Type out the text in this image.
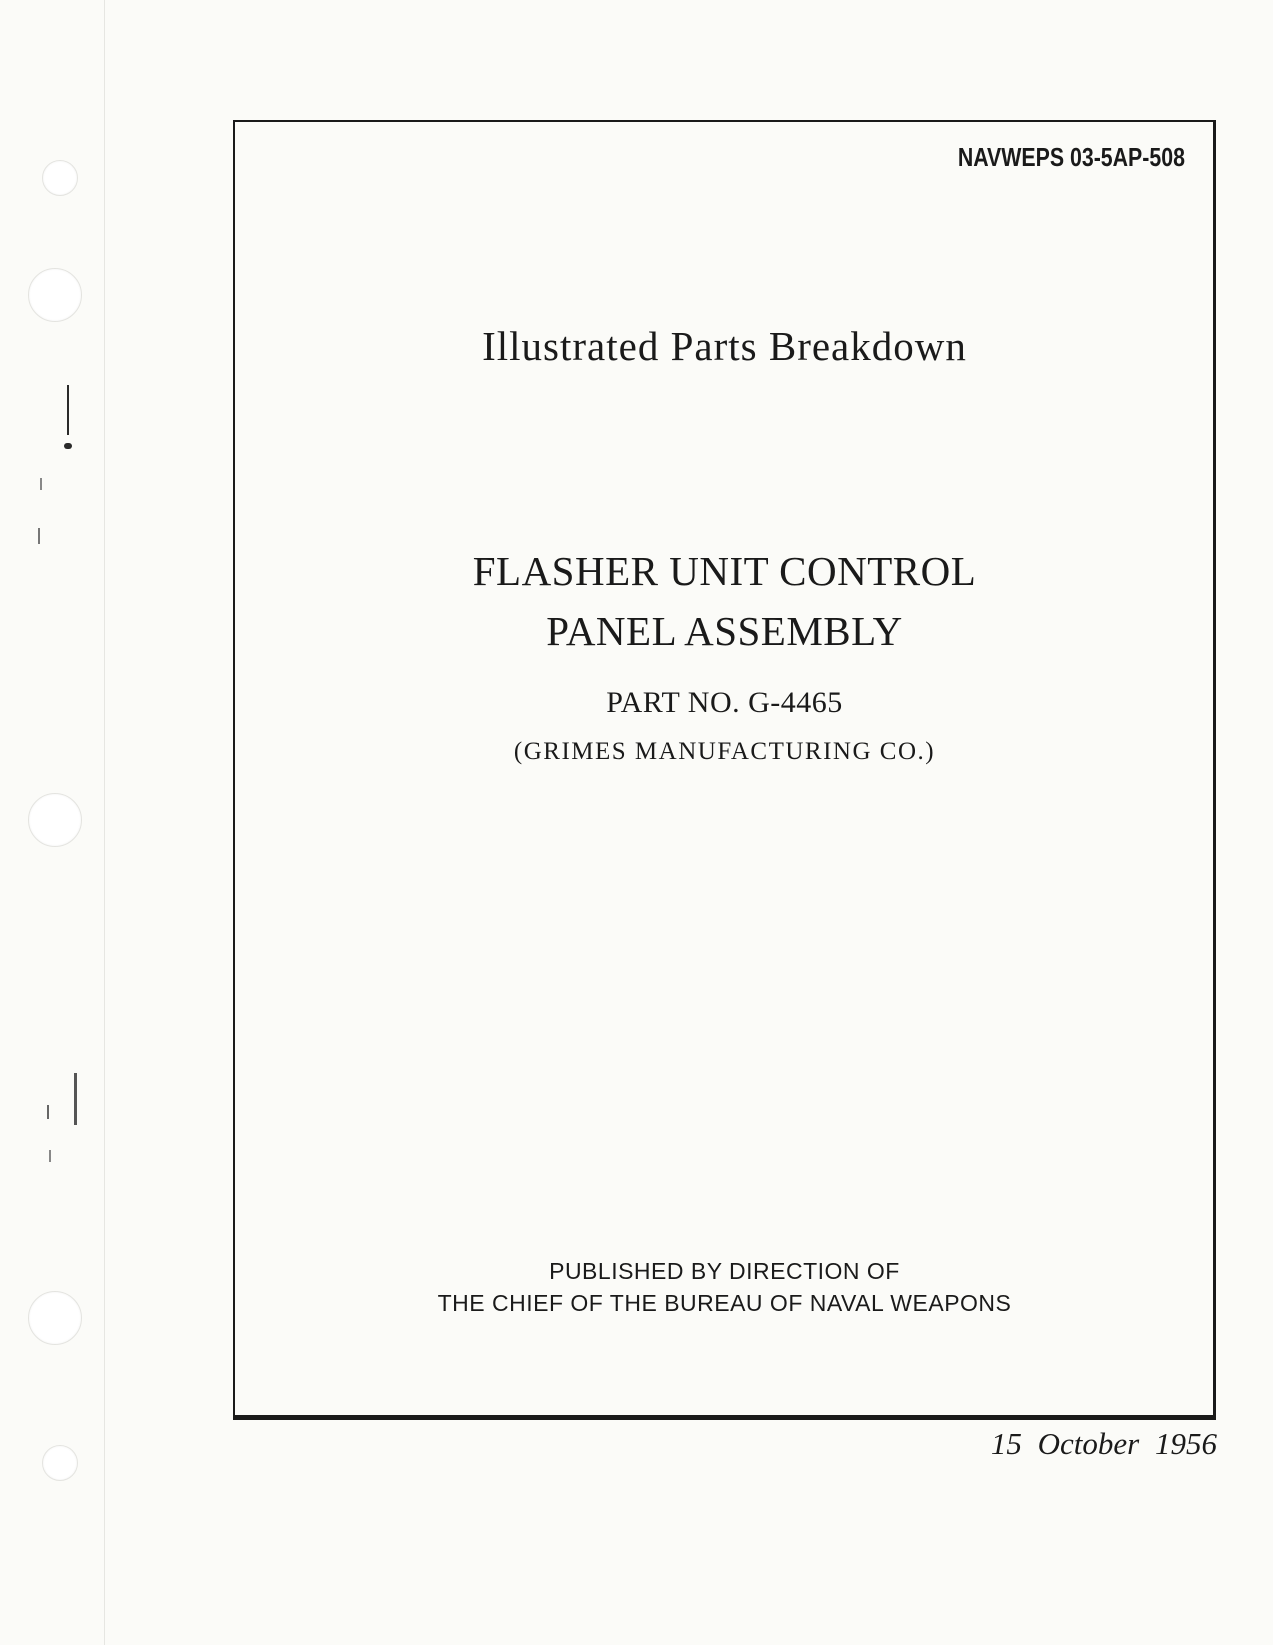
NAVWEPS 03-5AP-508
Illustrated Parts Breakdown
FLASHER UNIT CONTROL
PANEL ASSEMBLY
PART NO. G-4465
(GRIMES MANUFACTURING CO.)
PUBLISHED BY DIRECTION OF
THE CHIEF OF THE BUREAU OF NAVAL WEAPONS
15 October 1956
